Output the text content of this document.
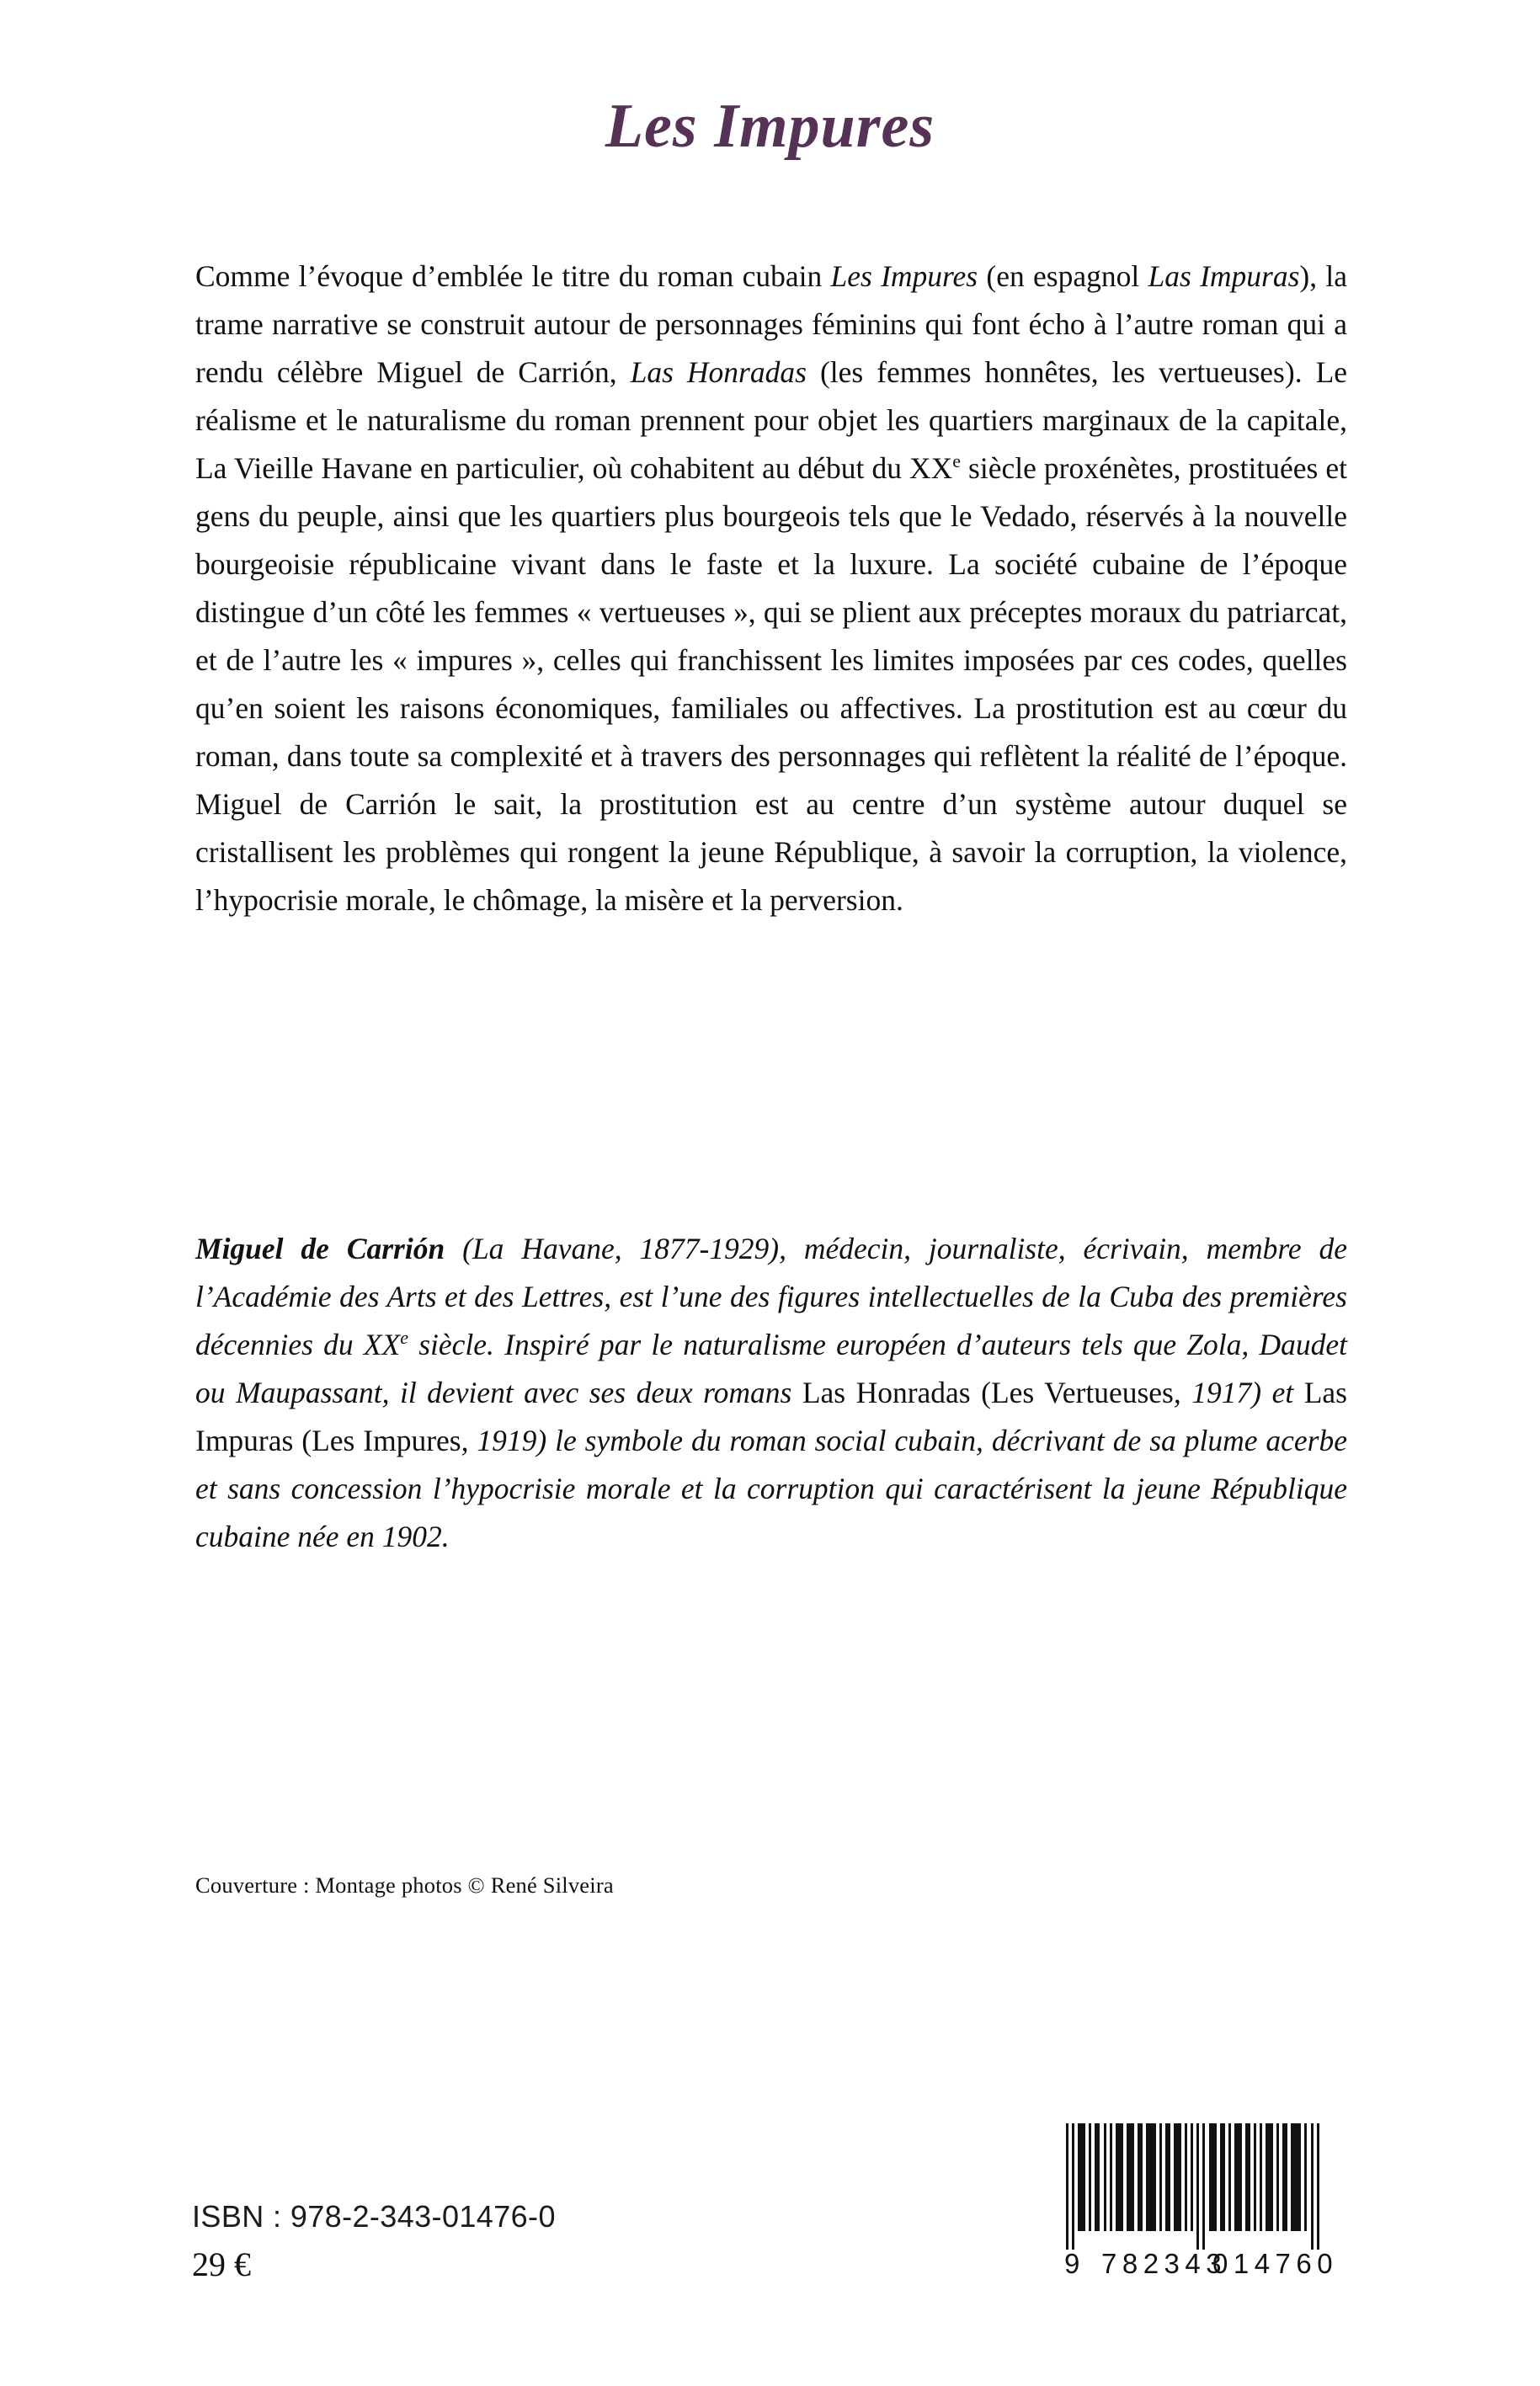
Les Impures
Comme l’évoque d’emblée le titre du roman cubain Les Impures (en espagnol Las Impuras), la trame narrative se construit autour de personnages féminins qui font écho à l’autre roman qui a rendu célèbre Miguel de Carrión, Las Honradas (les femmes honnêtes, les vertueuses). Le réalisme et le naturalisme du roman prennent pour objet les quartiers marginaux de la capitale, La Vieille Havane en particulier, où cohabitent au début du XXe siècle proxénètes, prostituées et gens du peuple, ainsi que les quartiers plus bourgeois tels que le Vedado, réservés à la nouvelle bourgeoisie républicaine vivant dans le faste et la luxure. La société cubaine de l’époque distingue d’un côté les femmes « vertueuses », qui se plient aux préceptes moraux du patriarcat, et de l’autre les « impures », celles qui franchissent les limites imposées par ces codes, quelles qu’en soient les raisons économiques, familiales ou affectives. La prostitution est au cœur du roman, dans toute sa complexité et à travers des personnages qui reflètent la réalité de l’époque. Miguel de Carrión le sait, la prostitution est au centre d’un système autour duquel se cristallisent les problèmes qui rongent la jeune République, à savoir la corruption, la violence, l’hypocrisie morale, le chômage, la misère et la perversion.
Miguel de Carrión (La Havane, 1877-1929), médecin, journaliste, écrivain, membre de l’Académie des Arts et des Lettres, est l’une des figures intellectuelles de la Cuba des premières décennies du XXe siècle. Inspiré par le naturalisme européen d’auteurs tels que Zola, Daudet ou Maupassant, il devient avec ses deux romans Las Honradas (Les Vertueuses, 1917) et Las Impuras (Les Impures, 1919) le symbole du roman social cubain, décrivant de sa plume acerbe et sans concession l’hypocrisie morale et la corruption qui caractérisent la jeune République cubaine née en 1902.
Couverture : Montage photos © René Silveira
ISBN : 978-2-343-01476-0
29 €	9 782343
014760
